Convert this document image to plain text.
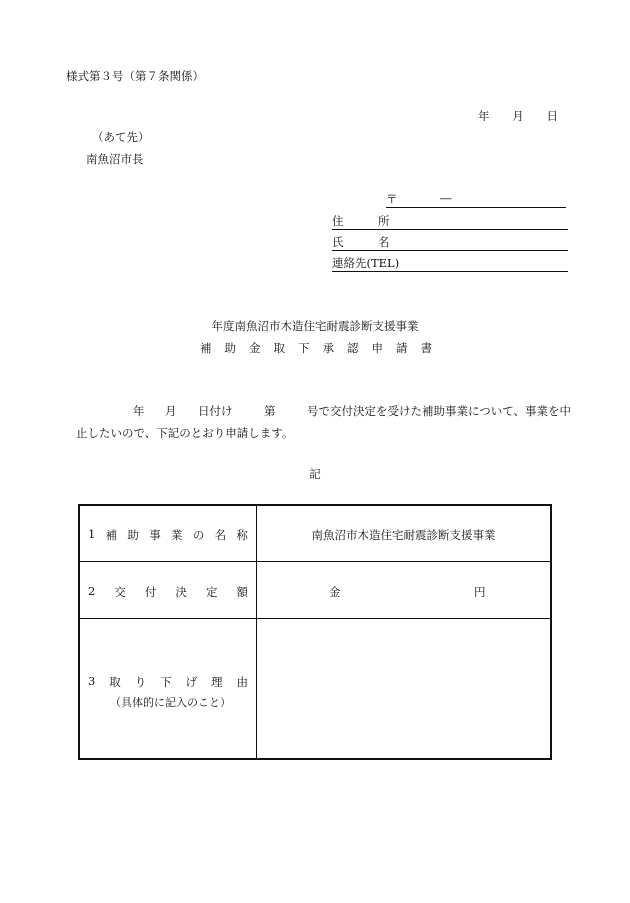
様式第３号（第７条関係）
年 月 日
（あて先）
南魚沼市長
〒	―
住	所
氏	名
連絡先(TEL)
年度南魚沼市木造住宅耐震診断支援事業
補 助 金 取 下 承 認 申 請 書
年 月 日付け	第	号で交付決定を受けた補助事業について、事業を中
止したいので、下記のとおり申請します。
記
1 補 助 事 業 の 名 称	南魚沼市木造住宅耐震診断支援事業
2 交 付 決 定 額	金	円
3 取 り 下 げ 理 由
（具体的に記入のこと）
